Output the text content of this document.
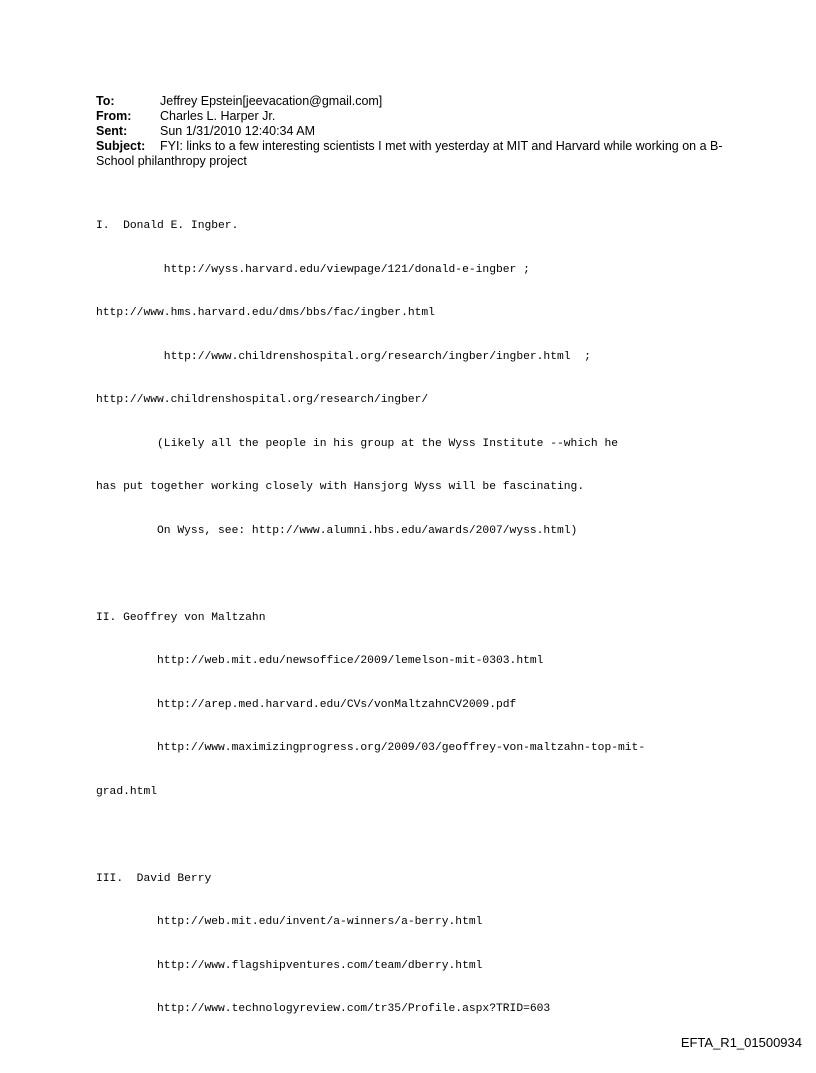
To:	Jeffrey Epstein[jeevacation@gmail.com]
From:	Charles L. Harper Jr.
Sent:	Sun 1/31/2010 12:40:34 AM
Subject: FYI: links to a few interesting scientists I met with yesterday at MIT and Harvard while working on a B-School philanthropy project

I.  Donald E. Ingber.

http://wyss.harvard.edu/viewpage/121/donald-e-ingber ;

http://www.hms.harvard.edu/dms/bbs/fac/ingber.html

http://www.childrenshospital.org/research/ingber/ingber.html  ;

http://www.childrenshospital.org/research/ingber/

(Likely all the people in his group at the Wyss Institute --which he

has put together working closely with Hansjorg Wyss will be fascinating.

On Wyss, see: http://www.alumni.hbs.edu/awards/2007/wyss.html)

II. Geoffrey von Maltzahn

http://web.mit.edu/newsoffice/2009/lemelson-mit-0303.html

http://arep.med.harvard.edu/CVs/vonMaltzahnCV2009.pdf

http://www.maximizingprogress.org/2009/03/geoffrey-von-maltzahn-top-mit-

grad.html

III.  David Berry

http://web.mit.edu/invent/a-winners/a-berry.html

http://www.flagshipventures.com/team/dberry.html

http://www.technologyreview.com/tr35/Profile.aspx?TRID=603

EFTA_R1_01500934
